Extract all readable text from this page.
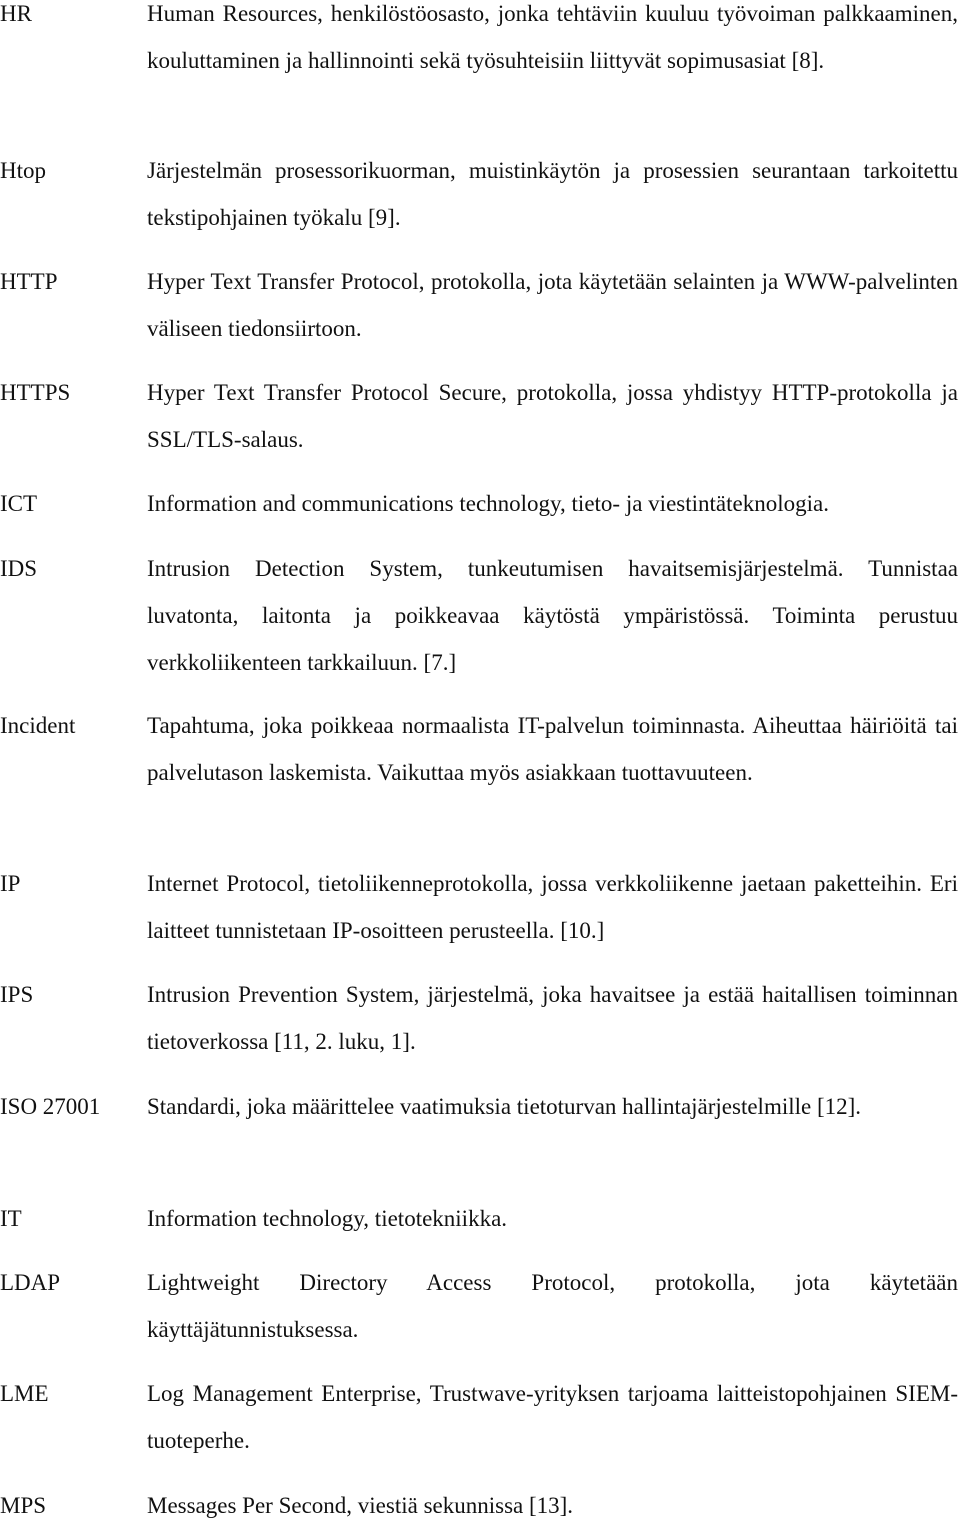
HR	Human Resources, henkilöstöosasto, jonka tehtäviin kuuluu työvoiman palkkaaminen, kouluttaminen ja hallinnointi sekä työsuhteisiin liittyvät sopimusasiat [8].
Htop	Järjestelmän prosessorikuorman, muistinkäytön ja prosessien seurantaan tarkoitettu tekstipohjainen työkalu [9].
HTTP	Hyper Text Transfer Protocol, protokolla, jota käytetään selainten ja WWW-palvelinten väliseen tiedonsiirtoon.
HTTPS	Hyper Text Transfer Protocol Secure, protokolla, jossa yhdistyy HTTP-protokolla ja SSL/TLS-salaus.
ICT	Information and communications technology, tieto- ja viestintäteknologia.
IDS	Intrusion Detection System, tunkeutumisen havaitsemisjärjestelmä. Tunnistaa luvatonta, laitonta ja poikkeavaa käytöstä ympäristössä. Toiminta perustuu verkkoliikenteen tarkkailuun. [7.]
Incident	Tapahtuma, joka poikkeaa normaalista IT-palvelun toiminnasta. Aiheuttaa häiriöitä tai palvelutason laskemista. Vaikuttaa myös asiakkaan tuottavuuteen.
IP	Internet Protocol, tietoliikenneprotokolla, jossa verkkoliikenne jaetaan paketteihin. Eri laitteet tunnistetaan IP-osoitteen perusteella. [10.]
IPS	Intrusion Prevention System, järjestelmä, joka havaitsee ja estää haitallisen toiminnan tietoverkossa [11, 2. luku, 1].
ISO 27001	Standardi, joka määrittelee vaatimuksia tietoturvan hallintajärjestelmille [12].
IT	Information technology, tietotekniikka.
LDAP	Lightweight Directory Access Protocol, protokolla, jota käytetään käyttäjätunnistuksessa.
LME	Log Management Enterprise, Trustwave-yrityksen tarjoama laitteistopohjainen SIEM-tuoteperhe.
MPS	Messages Per Second, viestiä sekunnissa [13].
